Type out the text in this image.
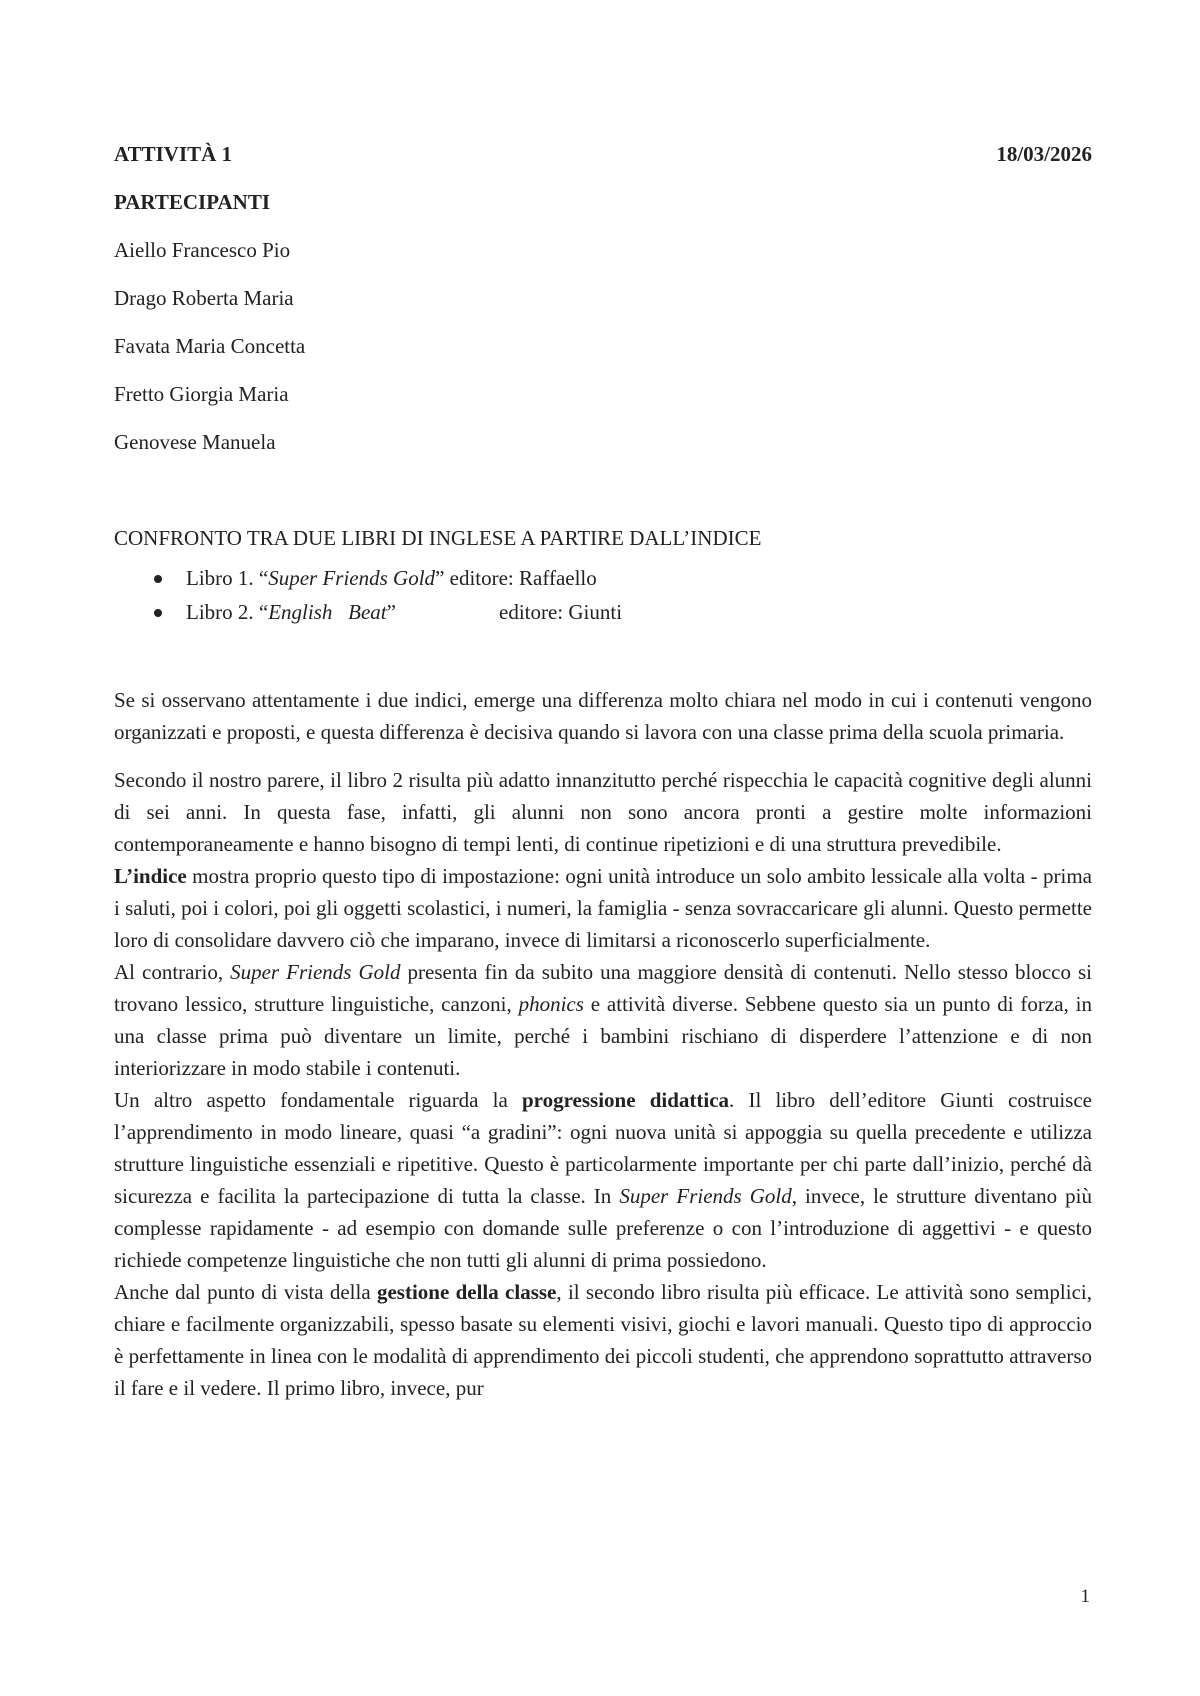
ATTIVITÀ 1	18/03/2026
PARTECIPANTI
Aiello Francesco Pio
Drago Roberta Maria
Favata Maria Concetta
Fretto Giorgia Maria
Genovese Manuela
CONFRONTO TRA DUE LIBRI DI INGLESE A PARTIRE DALL’INDICE
Libro 1. “Super Friends Gold” editore: Raffaello
Libro 2. “English   Beat”	editore: Giunti
Se si osservano attentamente i due indici, emerge una differenza molto chiara nel modo in cui i contenuti vengono organizzati e proposti, e questa differenza è decisiva quando si lavora con una classe prima della scuola primaria.
Secondo il nostro parere, il libro 2 risulta più adatto innanzitutto perché rispecchia le capacità cognitive degli alunni di sei anni. In questa fase, infatti, gli alunni non sono ancora pronti a gestire molte informazioni contemporaneamente e hanno bisogno di tempi lenti, di continue ripetizioni e di una struttura prevedibile.
L’indice mostra proprio questo tipo di impostazione: ogni unità introduce un solo ambito lessicale alla volta - prima i saluti, poi i colori, poi gli oggetti scolastici, i numeri, la famiglia - senza sovraccaricare gli alunni. Questo permette loro di consolidare davvero ciò che imparano, invece di limitarsi a riconoscerlo superficialmente.
Al contrario, Super Friends Gold presenta fin da subito una maggiore densità di contenuti. Nello stesso blocco si trovano lessico, strutture linguistiche, canzoni, phonics e attività diverse. Sebbene questo sia un punto di forza, in una classe prima può diventare un limite, perché i bambini rischiano di disperdere l’attenzione e di non interiorizzare in modo stabile i contenuti.
Un altro aspetto fondamentale riguarda la progressione didattica. Il libro dell’editore Giunti costruisce l’apprendimento in modo lineare, quasi “a gradini”: ogni nuova unità si appoggia su quella precedente e utilizza strutture linguistiche essenziali e ripetitive. Questo è particolarmente importante per chi parte dall’inizio, perché dà sicurezza e facilita la partecipazione di tutta la classe. In Super Friends Gold, invece, le strutture diventano più complesse rapidamente - ad esempio con domande sulle preferenze o con l’introduzione di aggettivi - e questo richiede competenze linguistiche che non tutti gli alunni di prima possiedono.
Anche dal punto di vista della gestione della classe, il secondo libro risulta più efficace. Le attività sono semplici, chiare e facilmente organizzabili, spesso basate su elementi visivi, giochi e lavori manuali. Questo tipo di approccio è perfettamente in linea con le modalità di apprendimento dei piccoli studenti, che apprendono soprattutto attraverso il fare e il vedere. Il primo libro, invece, pur
1
